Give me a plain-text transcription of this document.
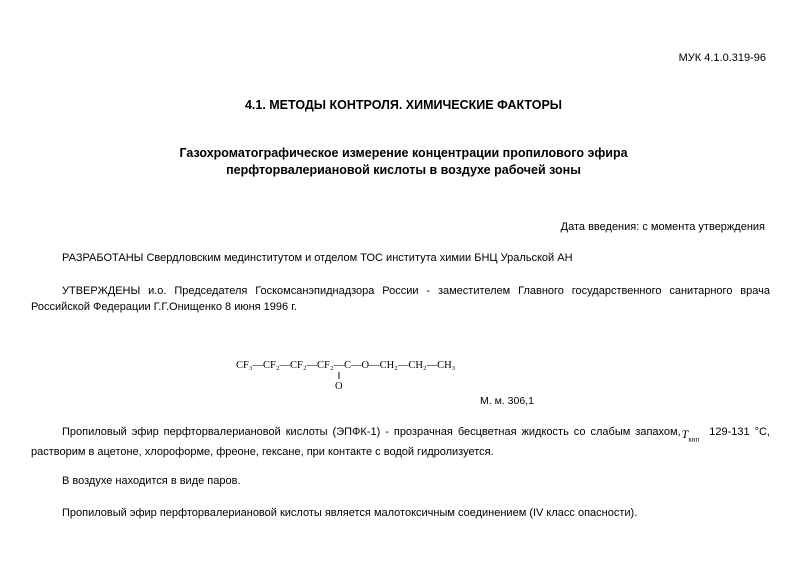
МУК 4.1.0.319-96
4.1. МЕТОДЫ КОНТРОЛЯ. ХИМИЧЕСКИЕ ФАКТОРЫ
Газохроматографическое измерение концентрации пропилового эфира
перфторвалериановой кислоты в воздухе рабочей зоны
Дата введения: с момента утверждения
РАЗРАБОТАНЫ Свердловским мединститутом и отделом ТОС института химии БНЦ Уральской АН
УТВЕРЖДЕНЫ и.о. Председателя Госкомсанэпиднадзора России - заместителем Главного государственного санитарного врача Российской Федерации Г.Г.Онищенко 8 июня 1996 г.
CF₃—CF₂—CF₂—CF₂—C—O—CH₂—CH₂—CH₃
‖
O
М. м. 306,1
Пропиловый эфир перфторвалериановой кислоты (ЭПФК-1) - прозрачная бесцветная жидкость со слабым $запахом,T_{кип}129-131$ °С, растворим в ацетоне, хлороформе, фреоне, гексане, при контакте с водой гидролизуется.
В воздухе находится в виде паров.
Пропиловый эфир перфторвалериановой кислоты является малотоксичным соединением (IV класс опасности).
